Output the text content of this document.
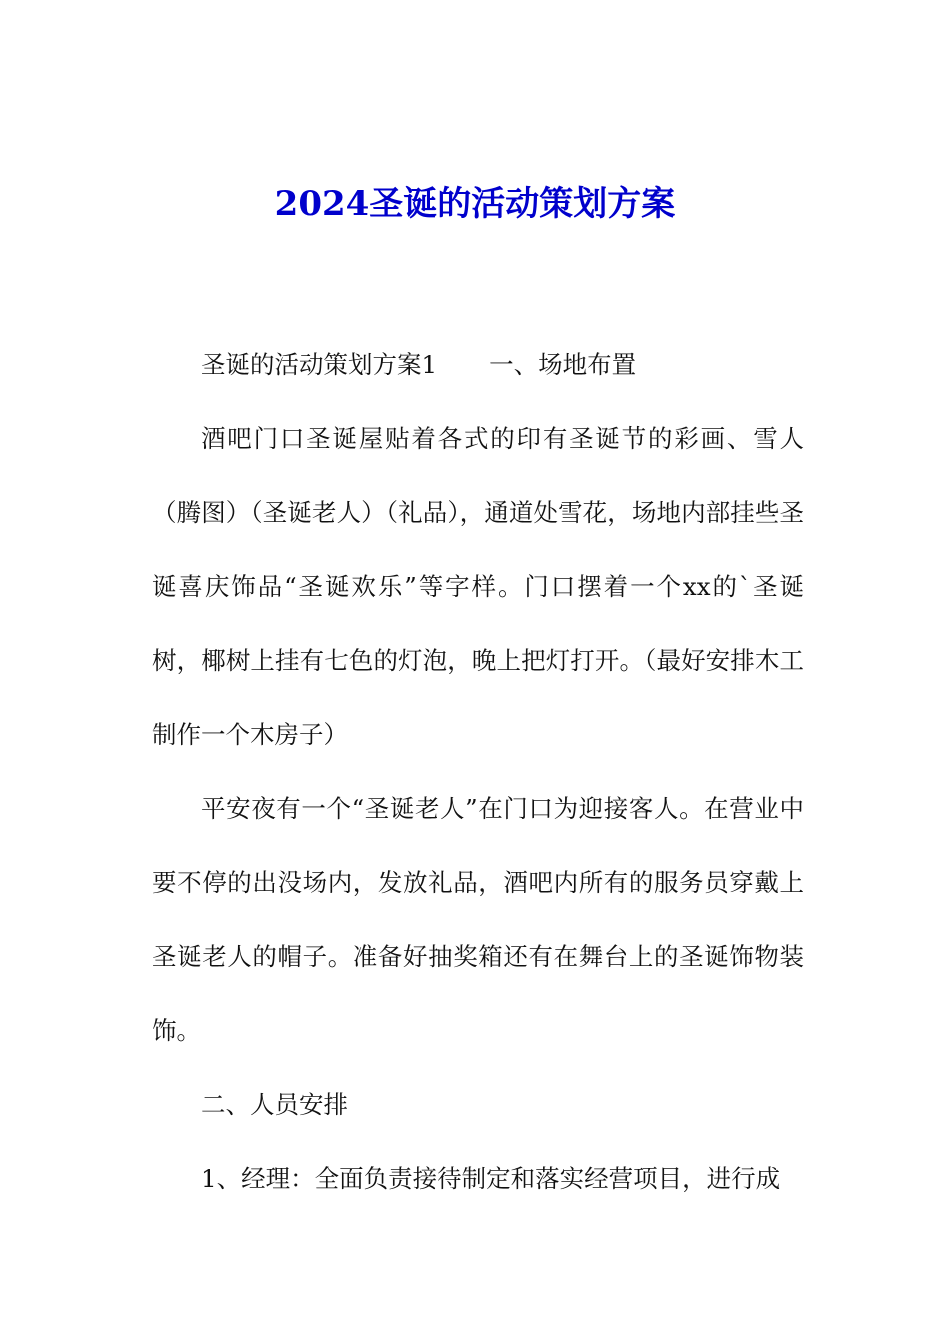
2024圣诞的活动策划方案

圣诞的活动策划方案1 一、场地布置

酒吧门口圣诞屋贴着各式的印有圣诞节的彩画、雪人（腾图）（圣诞老人）（礼品），通道处雪花，场地内部挂些圣诞喜庆饰品“圣诞欢乐”等字样。门口摆着一个xx的`圣诞树，椰树上挂有七色的灯泡，晚上把灯打开。（最好安排木工制作一个木房子）

平安夜有一个“圣诞老人”在门口为迎接客人。在营业中要不停的出没场内，发放礼品，酒吧内所有的服务员穿戴上圣诞老人的帽子。准备好抽奖箱还有在舞台上的圣诞饰物装饰。

二、人员安排

1、经理：全面负责接待制定和落实经营项目，进行成
